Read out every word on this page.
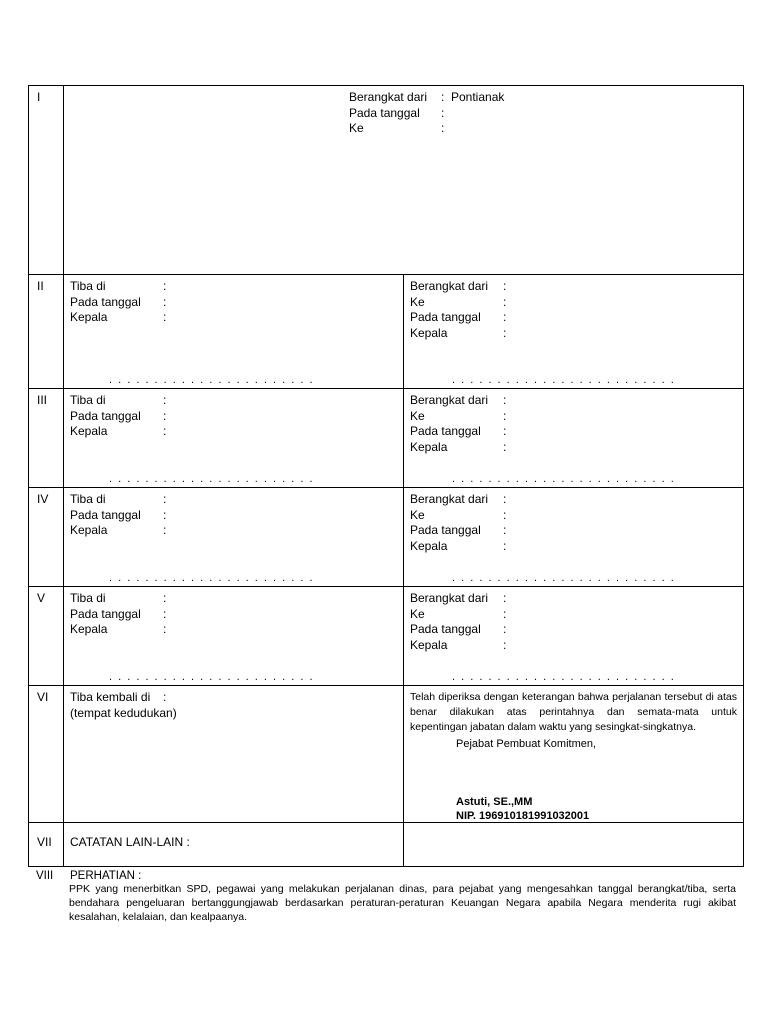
I	Berangkat dari	: Pontianak
Pada tanggal	:
Ke	:
II	Tiba di	:
Pada tanggal	:
Kepala	:
. . . . . . . . . . . . . . . . . . . . . . .
Berangkat dari	:
Ke	:
Pada tanggal	:
Kepala	:
. . . . . . . . . . . . . . . . . . . . . . . . .
III	Tiba di	:
Pada tanggal	:
Kepala	:
. . . . . . . . . . . . . . . . . . . . . . .
Berangkat dari	:
Ke	:
Pada tanggal	:
Kepala	:
. . . . . . . . . . . . . . . . . . . . . . . . .
IV	Tiba di	:
Pada tanggal	:
Kepala	:
. . . . . . . . . . . . . . . . . . . . . . .
Berangkat dari	:
Ke	:
Pada tanggal	:
Kepala	:
. . . . . . . . . . . . . . . . . . . . . . . . .
V	Tiba di	:
Pada tanggal	:
Kepala	:
. . . . . . . . . . . . . . . . . . . . . . .
Berangkat dari	:
Ke	:
Pada tanggal	:
Kepala	:
. . . . . . . . . . . . . . . . . . . . . . . . .
VI	Tiba kembali di	:
(tempat kedudukan)
Telah diperiksa dengan keterangan bahwa perjalanan tersebut di atas benar dilakukan atas perintahnya dan semata-mata untuk kepentingan jabatan dalam waktu yang sesingkat-singkatnya.
Pejabat Pembuat Komitmen,
Astuti, SE.,MM
NIP. 196910181991032001
VII	CATATAN LAIN-LAIN :
VIII	PERHATIAN :
PPK yang menerbitkan SPD, pegawai yang melakukan perjalanan dinas, para pejabat yang mengesahkan tanggal berangkat/tiba, serta bendahara pengeluaran bertanggungjawab berdasarkan peraturan-peraturan Keuangan Negara apabila Negara menderita rugi akibat kesalahan, kelalaian, dan kealpaanya.
